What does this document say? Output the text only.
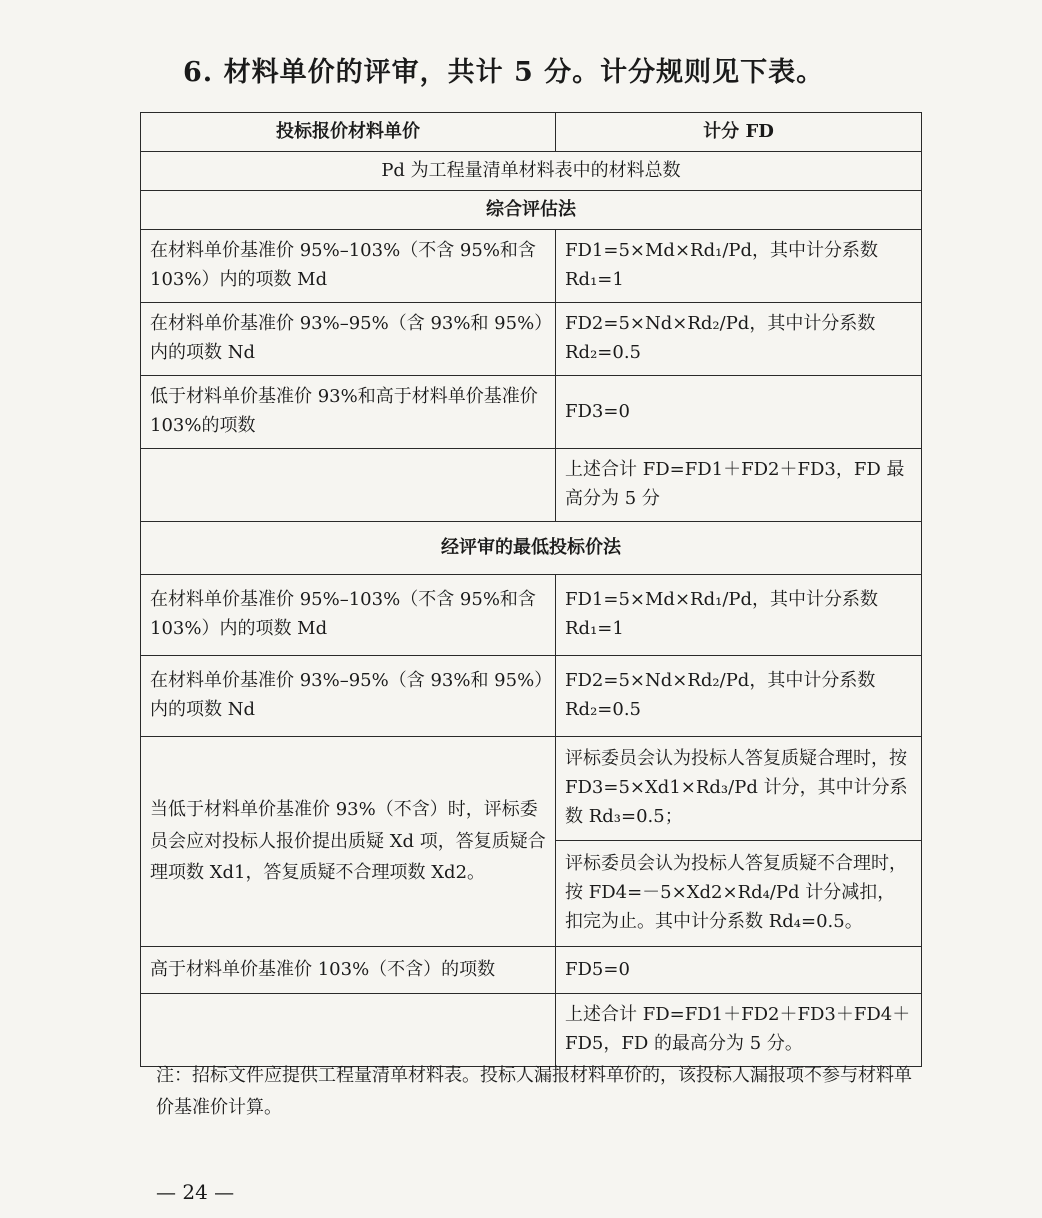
6. 材料单价的评审，共计 5 分。计分规则见下表。
投标报价材料单价	计分 FD
Pd 为工程量清单材料表中的材料总数	
综合评估法	
在材料单价基准价 95%–103%（不含 95%和含 103%）内的项数 Md	FD1=5×Md×Rd₁/Pd，其中计分系数 Rd₁=1
在材料单价基准价 93%–95%（含 93%和 95%）内的项数 Nd	FD2=5×Nd×Rd₂/Pd，其中计分系数 Rd₂=0.5
低于材料单价基准价 93%和高于材料单价基准价 103%的项数	FD3=0
	上述合计 FD=FD1＋FD2＋FD3，FD 最高分为 5 分
经评审的最低投标价法	
在材料单价基准价 95%–103%（不含 95%和含 103%）内的项数 Md	FD1=5×Md×Rd₁/Pd，其中计分系数 Rd₁=1
在材料单价基准价 93%–95%（含 93%和 95%）内的项数 Nd	FD2=5×Nd×Rd₂/Pd，其中计分系数 Rd₂=0.5
当低于材料单价基准价 93%（不含）时，评标委员会应对投标人报价提出质疑 Xd 项，答复质疑合理项数 Xd1，答复质疑不合理项数 Xd2。	评标委员会认为投标人答复质疑合理时，按 FD3=5×Xd1×Rd₃/Pd 计分，其中计分系数 Rd₃=0.5；
	评标委员会认为投标人答复质疑不合理时，按 FD4=－5×Xd2×Rd₄/Pd 计分减扣，扣完为止。其中计分系数 Rd₄=0.5。
高于材料单价基准价 103%（不含）的项数	FD5=0
	上述合计 FD=FD1＋FD2＋FD3＋FD4＋FD5，FD 的最高分为 5 分。
注：招标文件应提供工程量清单材料表。投标人漏报材料单价的，该投标人漏报项不参与材料单价基准价计算。
— 24 —
